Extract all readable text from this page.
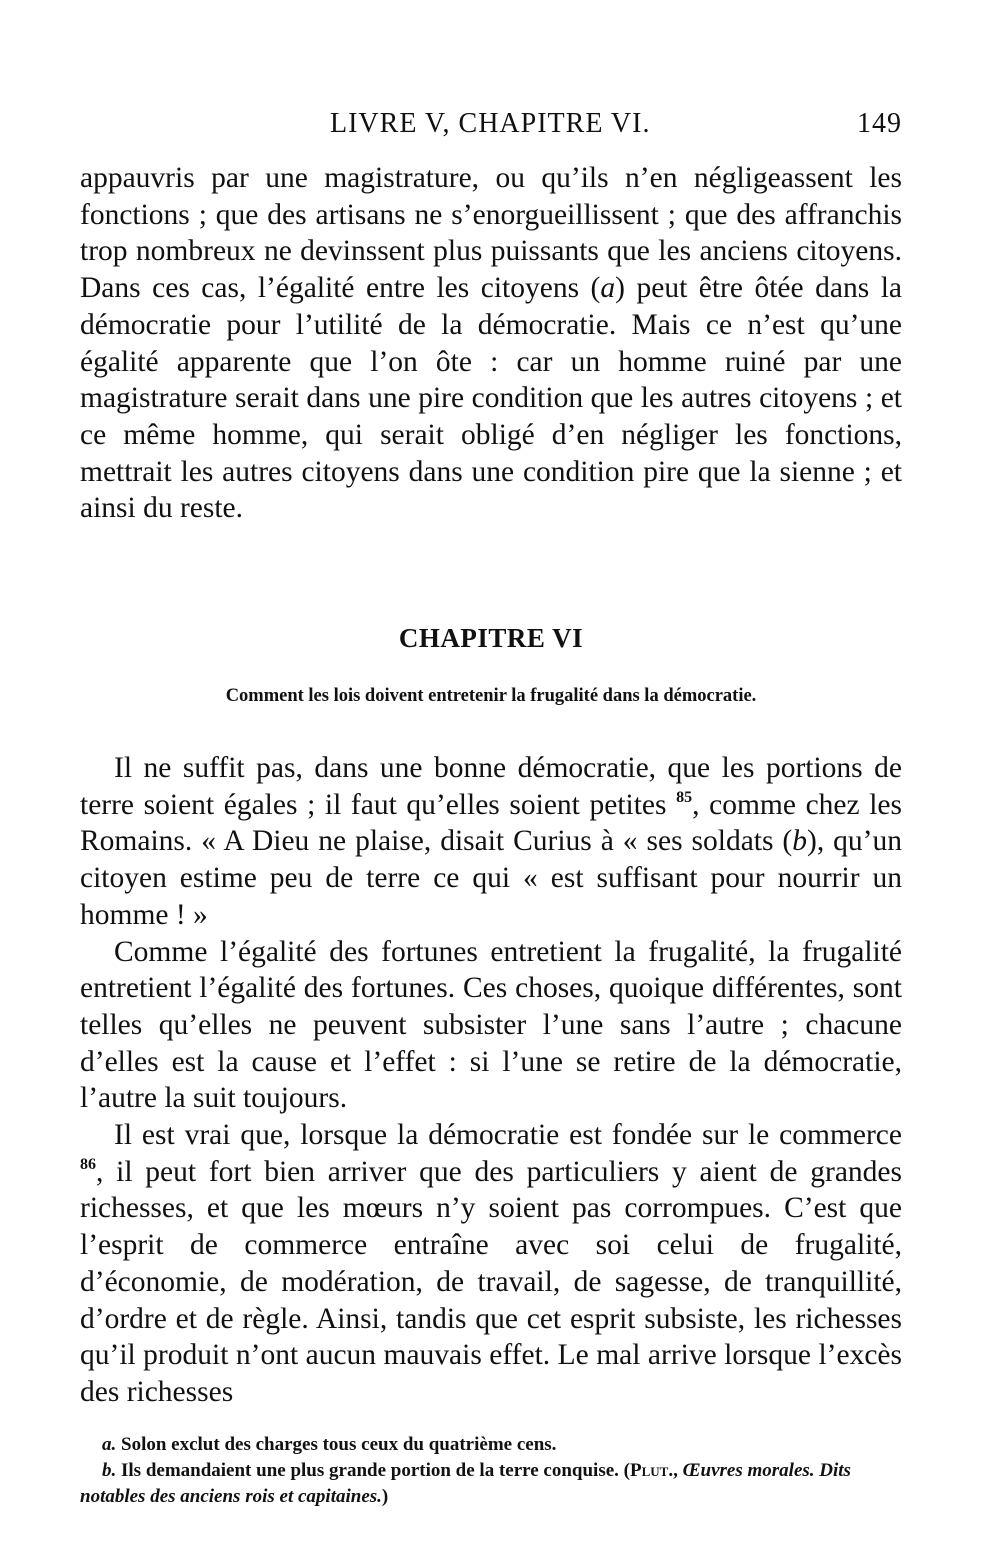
LIVRE V, CHAPITRE VI.	149

appauvris par une magistrature, ou qu’ils n’en négligeassent les fonctions ; que des artisans ne s’enorgueillissent ; que des affranchis trop nombreux ne devinssent plus puissants que les anciens citoyens. Dans ces cas, l’égalité entre les citoyens (a) peut être ôtée dans la démocratie pour l’utilité de la démocratie. Mais ce n’est qu’une égalité apparente que l’on ôte : car un homme ruiné par une magistrature serait dans une pire condition que les autres citoyens ; et ce même homme, qui serait obligé d’en négliger les fonctions, mettrait les autres citoyens dans une condition pire que la sienne ; et ainsi du reste.

CHAPITRE VI
Comment les lois doivent entretenir la frugalité dans la démocratie.

Il ne suffit pas, dans une bonne démocratie, que les portions de terre soient égales ; il faut qu’elles soient petites $^{85}$, comme chez les Romains. « A Dieu ne plaise, disait Curius à « ses soldats (b), qu’un citoyen estime peu de terre ce qui « est suffisant pour nourrir un homme ! »

Comme l’égalité des fortunes entretient la frugalité, la frugalité entretient l’égalité des fortunes. Ces choses, quoique différentes, sont telles qu’elles ne peuvent subsister l’une sans l’autre ; chacune d’elles est la cause et l’effet : si l’une se retire de la démocratie, l’autre la suit toujours.

Il est vrai que, lorsque la démocratie est fondée sur le commerce $^{86}$, il peut fort bien arriver que des particuliers y aient de grandes richesses, et que les mœurs n’y soient pas corrompues. C’est que l’esprit de commerce entraîne avec soi celui de frugalité, d’économie, de modération, de travail, de sagesse, de tranquillité, d’ordre et de règle. Ainsi, tandis que cet esprit subsiste, les richesses qu’il produit n’ont aucun mauvais effet. Le mal arrive lorsque l’excès des richesses

a. Solon exclut des charges tous ceux du quatrième cens.

b. Ils demandaient une plus grande portion de la terre conquise. (Plut., Œuvres morales. Dits notables des anciens rois et capitaines.)
